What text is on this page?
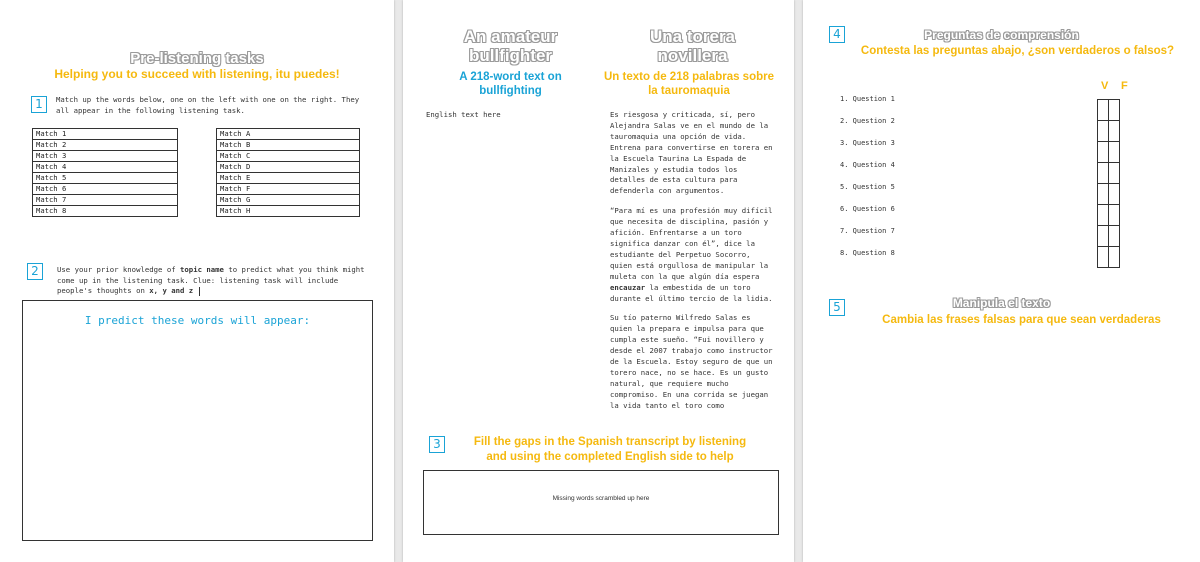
Pre-listening tasks
Helping you to succeed with listening, itu puedes!
1	Match up the words below, one on the left with one on the right. They all appear in the following listening task.
Match 1
Match 2
Match 3
Match 4
Match 5
Match 6
Match 7
Match 8
Match A
Match B
Match C
Match D
Match E
Match F
Match G
Match H
2	Use your prior knowledge of topic name to predict what you think might come up in the listening task. Clue: listening task will include people's thoughts on x, y and z
I predict these words will appear:
An amateur bullfighter
Una torera novillera
A 218-word text on bullfighting
Un texto de 218 palabras sobre la tauromaquia
English text here	Es riesgosa y criticada, sí, pero Alejandra Salas ve en el mundo de la tauromaquia una opción de vida. Entrena para convertirse en torera en la Escuela Taurina La Espada de Manizales y estudia todos los detalles de esta cultura para defenderla con argumentos.

“Para mí es una profesión muy difícil que necesita de disciplina, pasión y afición. Enfrentarse a un toro significa danzar con él”, dice la estudiante del Perpetuo Socorro, quien está orgullosa de manipular la muleta con la que algún día espera encauzar la embestida de un toro durante el último tercio de la lidia.

Su tío paterno Wilfredo Salas es quien la prepara e impulsa para que cumpla este sueño. “Fui novillero y desde el 2007 trabajo como instructor de la Escuela. Estoy seguro de que un torero nace, no se hace. Es un gusto natural, que requiere mucho compromiso. En una corrida se juegan la vida tanto el toro como

3	Fill the gaps in the Spanish transcript by listening and using the completed English side to help
Missing words scrambled up here
4	Preguntas de comprensión
Contesta las preguntas abajo, ¿son verdaderos o falsos?
V F
1. Question 1
2. Question 2
3. Question 3
4. Question 4
5. Question 5
6. Question 6
7. Question 7
8. Question 8

5	Manipula el texto
Cambia las frases falsas para que sean verdaderas
